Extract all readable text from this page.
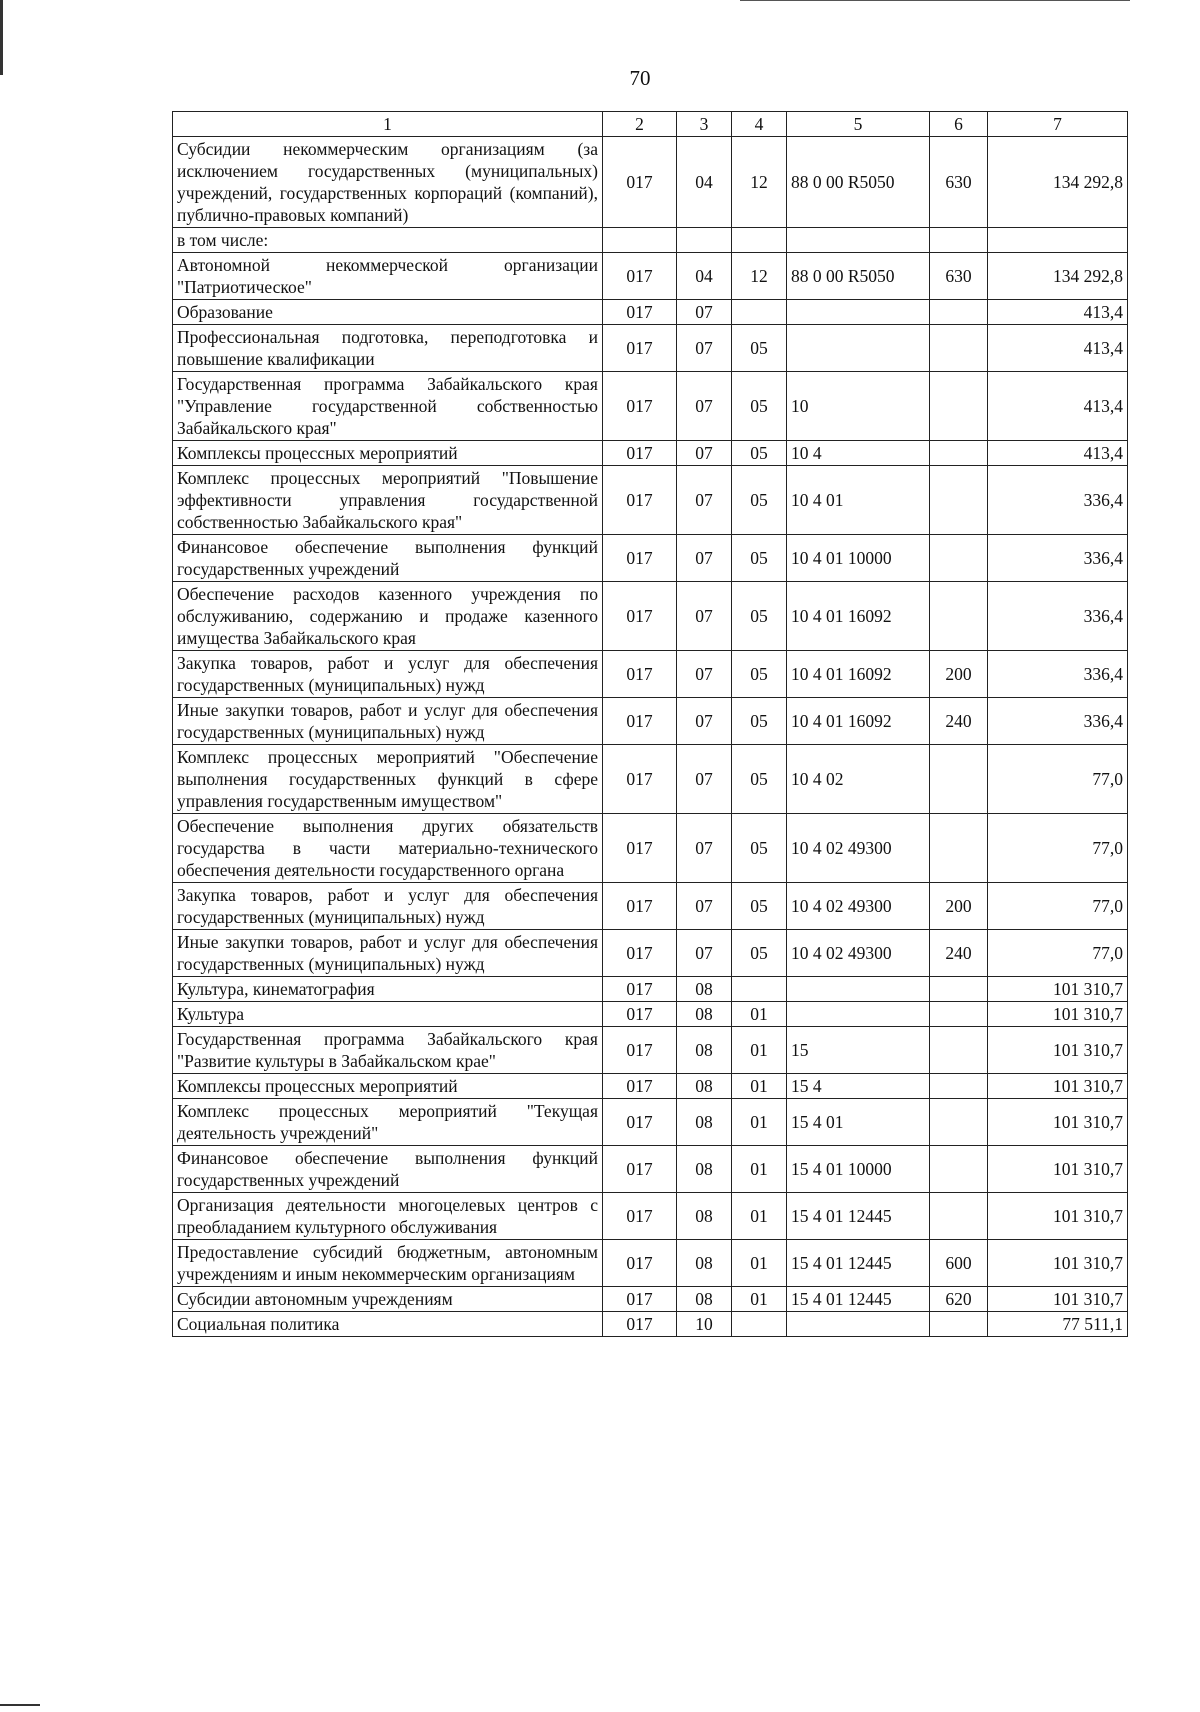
70
1	2	3	4	5	6	7
Субсидии некоммерческим организациям (за исключением государственных (муниципальных) учреждений, государственных корпораций (компаний), публично-правовых компаний)	017	04	12	88 0 00 R5050	630	134 292,8
в том числе:						
Автономной некоммерческой организации "Патриотическое"	017	04	12	88 0 00 R5050	630	134 292,8
Образование	017	07				413,4
Профессиональная подготовка, переподготовка и повышение квалификации	017	07	05			413,4
Государственная программа Забайкальского края "Управление государственной собственностью Забайкальского края"	017	07	05	10		413,4
Комплексы процессных мероприятий	017	07	05	10 4		413,4
Комплекс процессных мероприятий "Повышение эффективности управления государственной собственностью Забайкальского края"	017	07	05	10 4 01		336,4
Финансовое обеспечение выполнения функций государственных учреждений	017	07	05	10 4 01 10000		336,4
Обеспечение расходов казенного учреждения по обслуживанию, содержанию и продаже казенного имущества Забайкальского края	017	07	05	10 4 01 16092		336,4
Закупка товаров, работ и услуг для обеспечения государственных (муниципальных) нужд	017	07	05	10 4 01 16092	200	336,4
Иные закупки товаров, работ и услуг для обеспечения государственных (муниципальных) нужд	017	07	05	10 4 01 16092	240	336,4
Комплекс процессных мероприятий "Обеспечение выполнения государственных функций в сфере управления государственным имуществом"	017	07	05	10 4 02		77,0
Обеспечение выполнения других обязательств государства в части материально-технического обеспечения деятельности государственного органа	017	07	05	10 4 02 49300		77,0
Закупка товаров, работ и услуг для обеспечения государственных (муниципальных) нужд	017	07	05	10 4 02 49300	200	77,0
Иные закупки товаров, работ и услуг для обеспечения государственных (муниципальных) нужд	017	07	05	10 4 02 49300	240	77,0
Культура, кинематография	017	08				101 310,7
Культура	017	08	01			101 310,7
Государственная программа Забайкальского края "Развитие культуры в Забайкальском крае"	017	08	01	15		101 310,7
Комплексы процессных мероприятий	017	08	01	15 4		101 310,7
Комплекс процессных мероприятий "Текущая деятельность учреждений"	017	08	01	15 4 01		101 310,7
Финансовое обеспечение выполнения функций государственных учреждений	017	08	01	15 4 01 10000		101 310,7
Организация деятельности многоцелевых центров с преобладанием культурного обслуживания	017	08	01	15 4 01 12445		101 310,7
Предоставление субсидий бюджетным, автономным учреждениям и иным некоммерческим организациям	017	08	01	15 4 01 12445	600	101 310,7
Субсидии автономным учреждениям	017	08	01	15 4 01 12445	620	101 310,7
Социальная политика	017	10				77 511,1
